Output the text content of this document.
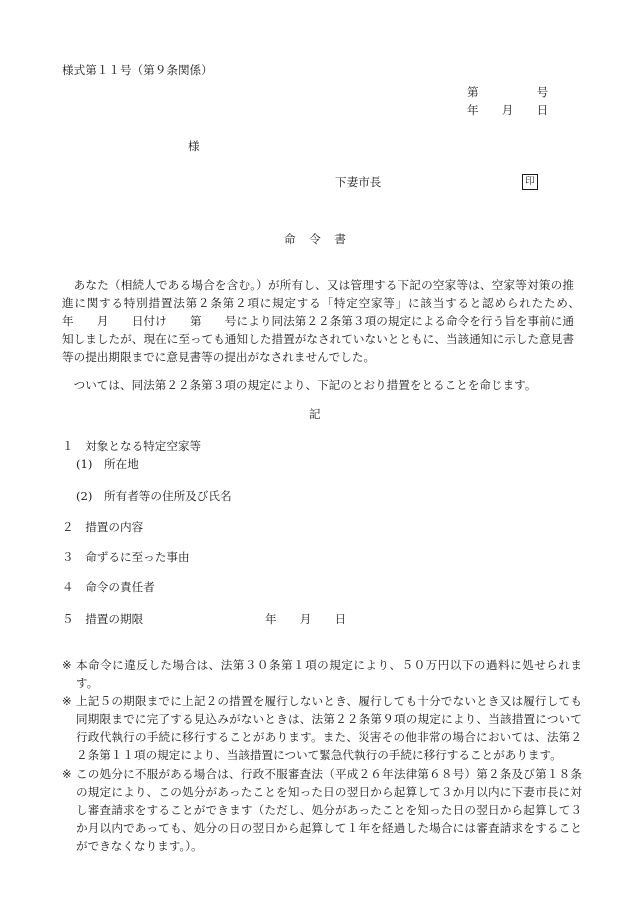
様式第１１号（第９条関係）
第　　　　　号
年　　月　　日
様
下妻市長	印
命　令　書
あなた（相続人である場合を含む。）が所有し、又は管理する下記の空家等は、空家等対策の推進に関する特別措置法第２条第２項に規定する「特定空家等」に該当すると認められたため、　　　年　　月　　日付け　　第　　号により同法第２２条第３項の規定による命令を行う旨を事前に通知しましたが、現在に至っても通知した措置がなされていないとともに、当該通知に示した意見書等の提出期限までに意見書等の提出がなされませんでした。
ついては、同法第２２条第３項の規定により、下記のとおり措置をとることを命じます。
記
１　対象となる特定空家等
(1)　所在地
(2)　所有者等の住所及び氏名
２　措置の内容
３　命ずるに至った事由
４　命令の責任者
５　措置の期限	年　　月　　日
※ 本命令に違反した場合は、法第３０条第１項の規定により、５０万円以下の過料に処せられます。
※ 上記５の期限までに上記２の措置を履行しないとき、履行しても十分でないとき又は履行しても同期限までに完了する見込みがないときは、法第２２条第９項の規定により、当該措置について行政代執行の手続に移行することがあります。また、災害その他非常の場合においては、法第２２条第１１項の規定により、当該措置について緊急代執行の手続に移行することがあります。
※ この処分に不服がある場合は、行政不服審査法（平成２６年法律第６８号）第２条及び第１８条の規定により、この処分があったことを知った日の翌日から起算して３か月以内に下妻市長に対し審査請求をすることができます（ただし、処分があったことを知った日の翌日から起算して３か月以内であっても、処分の日の翌日から起算して１年を経過した場合には審査請求をすることができなくなります。）。
